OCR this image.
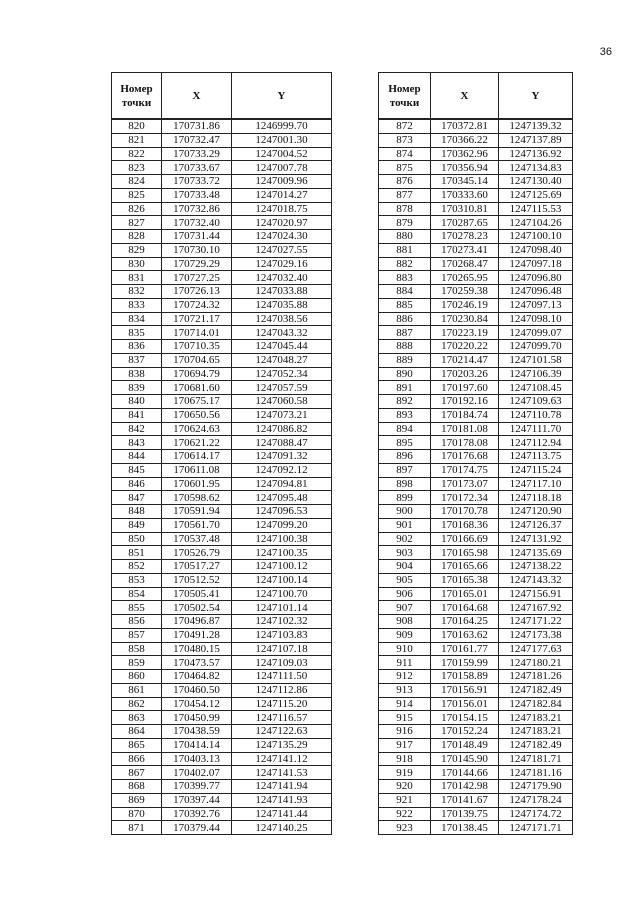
36
Номер точки	X	Y
820	170731.86	1246999.70
821	170732.47	1247001.30
822	170733.29	1247004.52
823	170733.67	1247007.78
824	170733.72	1247009.96
825	170733.48	1247014.27
826	170732.86	1247018.75
827	170732.40	1247020.97
828	170731.44	1247024.30
829	170730.10	1247027.55
830	170729.29	1247029.16
831	170727.25	1247032.40
832	170726.13	1247033.88
833	170724.32	1247035.88
834	170721.17	1247038.56
835	170714.01	1247043.32
836	170710.35	1247045.44
837	170704.65	1247048.27
838	170694.79	1247052.34
839	170681.60	1247057.59
840	170675.17	1247060.58
841	170650.56	1247073.21
842	170624.63	1247086.82
843	170621.22	1247088.47
844	170614.17	1247091.32
845	170611.08	1247092.12
846	170601.95	1247094.81
847	170598.62	1247095.48
848	170591.94	1247096.53
849	170561.70	1247099.20
850	170537.48	1247100.38
851	170526.79	1247100.35
852	170517.27	1247100.12
853	170512.52	1247100.14
854	170505.41	1247100.70
855	170502.54	1247101.14
856	170496.87	1247102.32
857	170491.28	1247103.83
858	170480.15	1247107.18
859	170473.57	1247109.03
860	170464.82	1247111.50
861	170460.50	1247112.86
862	170454.12	1247115.20
863	170450.99	1247116.57
864	170438.59	1247122.63
865	170414.14	1247135.29
866	170403.13	1247141.12
867	170402.07	1247141.53
868	170399.77	1247141.94
869	170397.44	1247141.93
870	170392.76	1247141.44
871	170379.44	1247140.25
Номер точки	X	Y
872	170372.81	1247139.32
873	170366.22	1247137.89
874	170362.96	1247136.92
875	170356.94	1247134.83
876	170345.14	1247130.40
877	170333.60	1247125.69
878	170310.81	1247115.53
879	170287.65	1247104.26
880	170278.23	1247100.10
881	170273.41	1247098.40
882	170268.47	1247097.18
883	170265.95	1247096.80
884	170259.38	1247096.48
885	170246.19	1247097.13
886	170230.84	1247098.10
887	170223.19	1247099.07
888	170220.22	1247099.70
889	170214.47	1247101.58
890	170203.26	1247106.39
891	170197.60	1247108.45
892	170192.16	1247109.63
893	170184.74	1247110.78
894	170181.08	1247111.70
895	170178.08	1247112.94
896	170176.68	1247113.75
897	170174.75	1247115.24
898	170173.07	1247117.10
899	170172.34	1247118.18
900	170170.78	1247120.90
901	170168.36	1247126.37
902	170166.69	1247131.92
903	170165.98	1247135.69
904	170165.66	1247138.22
905	170165.38	1247143.32
906	170165.01	1247156.91
907	170164.68	1247167.92
908	170164.25	1247171.22
909	170163.62	1247173.38
910	170161.77	1247177.63
911	170159.99	1247180.21
912	170158.89	1247181.26
913	170156.91	1247182.49
914	170156.01	1247182.84
915	170154.15	1247183.21
916	170152.24	1247183.21
917	170148.49	1247182.49
918	170145.90	1247181.71
919	170144.66	1247181.16
920	170142.98	1247179.90
921	170141.67	1247178.24
922	170139.75	1247174.72
923	170138.45	1247171.71
